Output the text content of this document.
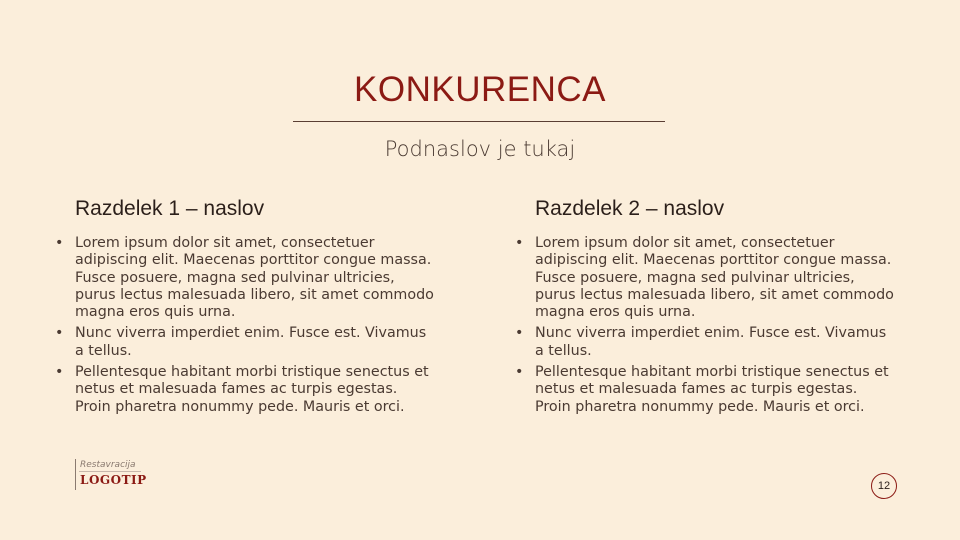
KONKURENCA
Podnaslov je tukaj
Razdelek 1 – naslov
• Lorem ipsum dolor sit amet, consectetuer adipiscing elit. Maecenas porttitor congue massa. Fusce posuere, magna sed pulvinar ultricies, purus lectus malesuada libero, sit amet commodo magna eros quis urna.
• Nunc viverra imperdiet enim. Fusce est. Vivamus a tellus.
• Pellentesque habitant morbi tristique senectus et netus et malesuada fames ac turpis egestas. Proin pharetra nonummy pede. Mauris et orci.
Razdelek 2 – naslov
• Lorem ipsum dolor sit amet, consectetuer adipiscing elit. Maecenas porttitor congue massa. Fusce posuere, magna sed pulvinar ultricies, purus lectus malesuada libero, sit amet commodo magna eros quis urna.
• Nunc viverra imperdiet enim. Fusce est. Vivamus a tellus.
• Pellentesque habitant morbi tristique senectus et netus et malesuada fames ac turpis egestas. Proin pharetra nonummy pede. Mauris et orci.
Restavracija
LOGOTIP	12
